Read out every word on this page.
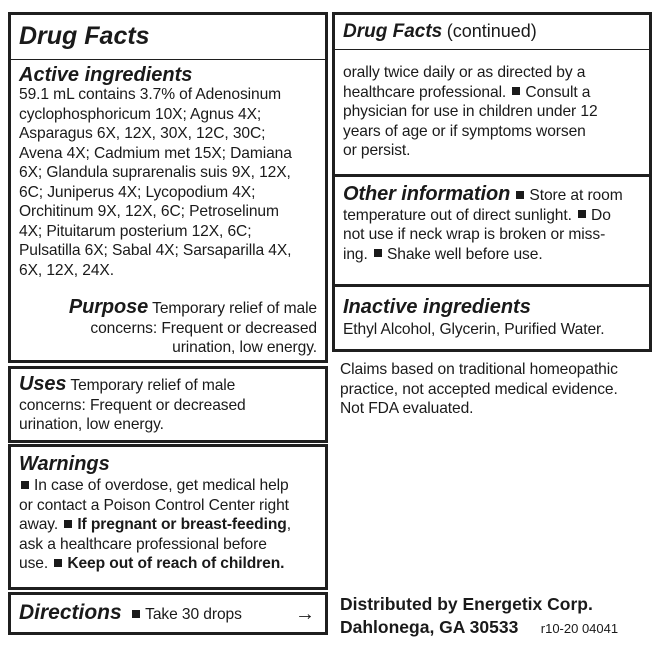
Drug Facts
Active ingredients
59.1 mL contains 3.7% of Adenosinum
cyclophosphoricum 10X; Agnus 4X;
Asparagus 6X, 12X, 30X, 12C, 30C;
Avena 4X; Cadmium met 15X; Damiana
6X; Glandula suprarenalis suis 9X, 12X,
6C; Juniperus 4X; Lycopodium 4X;
Orchitinum 9X, 12X, 6C; Petroselinum
4X; Pituitarum posterium 12X, 6C;
Pulsatilla 6X; Sabal 4X; Sarsaparilla 4X,
6X, 12X, 24X.
Purpose Temporary relief of male
concerns: Frequent or decreased
urination, low energy.
Uses Temporary relief of male
concerns: Frequent or decreased
urination, low energy.
Warnings
In case of overdose, get medical help
or contact a Poison Control Center right
away. If pregnant or breast-feeding,
ask a healthcare professional before
use. Keep out of reach of children.
Directions Take 30 drops	→
Drug Facts (continued)
orally twice daily or as directed by a
healthcare professional. Consult a
physician for use in children under 12
years of age or if symptoms worsen
or persist.
Other information Store at room
temperature out of direct sunlight. Do
not use if neck wrap is broken or miss-
ing. Shake well before use.
Inactive ingredients
Ethyl Alcohol, Glycerin, Purified Water.
Claims based on traditional homeopathic
practice, not accepted medical evidence.
Not FDA evaluated.
Distributed by Energetix Corp.
Dahlonega, GA 30533 r10-20 04041
